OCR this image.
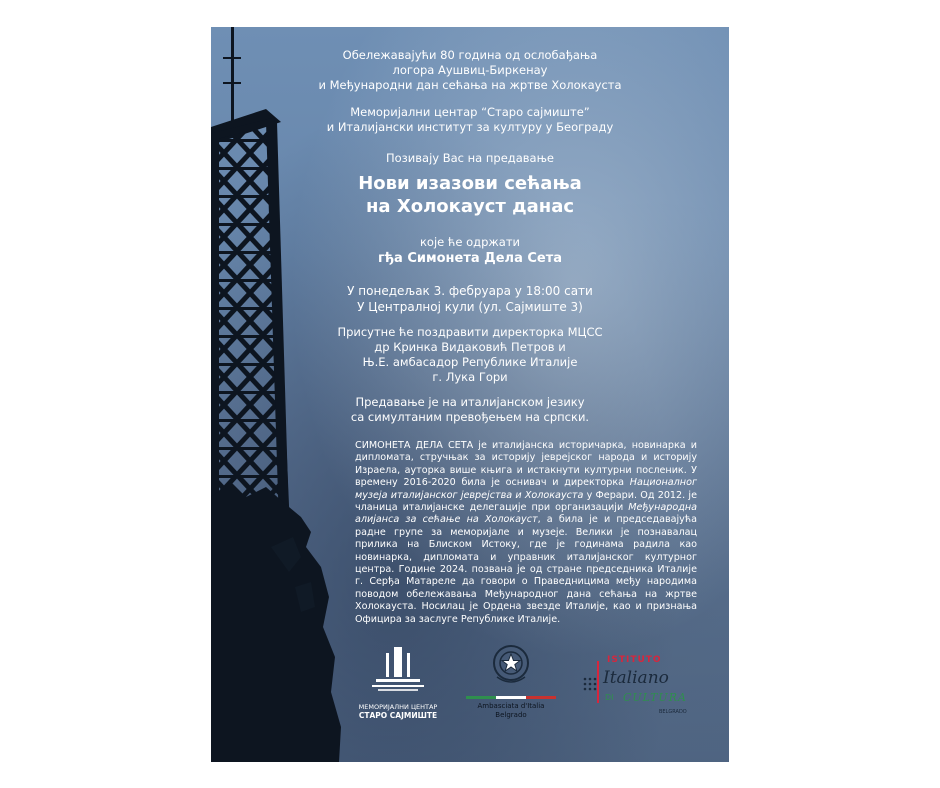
Обележавајући 80 година од ослобађања
логора Аушвиц-Биркенау
и Међународни дан сећања на жртве Холокауста
Меморијални центар “Старо сајмиште”
и Италијански институт за културу у Београду
Позивају Вас на предавање
Нови изазови сећања
на Холокауст данас
које ће одржати
гђа Симонета Дела Сета
У понедељак 3. фебруара у 18:00 сати
У Централној кули (ул. Сајмиште 3)
Присутне ће поздравити директорка МЦСС
др Кринка Видаковић Петров и
Њ.Е. амбасадор Републике Италије
г. Лука Гори
Предавање је на италијанском језику
са симултаним превођењем на српски.
СИМОНЕТА ДЕЛА СЕТА је италијанска историчарка, новинарка и дипломата, стручњак за историју јеврејског народа и историју Израела, ауторка више књига и истакнути културни послeник. У времену 2016-2020 била је оснивач и директорка Националног музеја италијанског јеврејства и Холокауста у Ферари. Од 2012. је чланица италијанске делегације при организацији Међународна алијанса за сећање на Холокауст, а била је и председавајућа радне групе за меморијале и музеје. Велики је познавалац прилика на Блиском Истоку, где је годинама радила као новинарка, дипломата и управник италијанског културног центра. Године 2024. позвана је од стране председника Италије г. Серђа Матареле да говори о Праведницима међу народима поводом обележавања Међународног дана сећања на жртве Холокауста. Носилац је Ордена звезде Италије, као и признања Официра за заслуге Републике Италије.
МЕМОРИЈАЛНИ ЦЕНТАР
СТАРО САЈМИШТЕ
Ambasciata d'Italia
Belgrado
ISTITUTO
Italiano
DI CULTURA
BELGRADO
